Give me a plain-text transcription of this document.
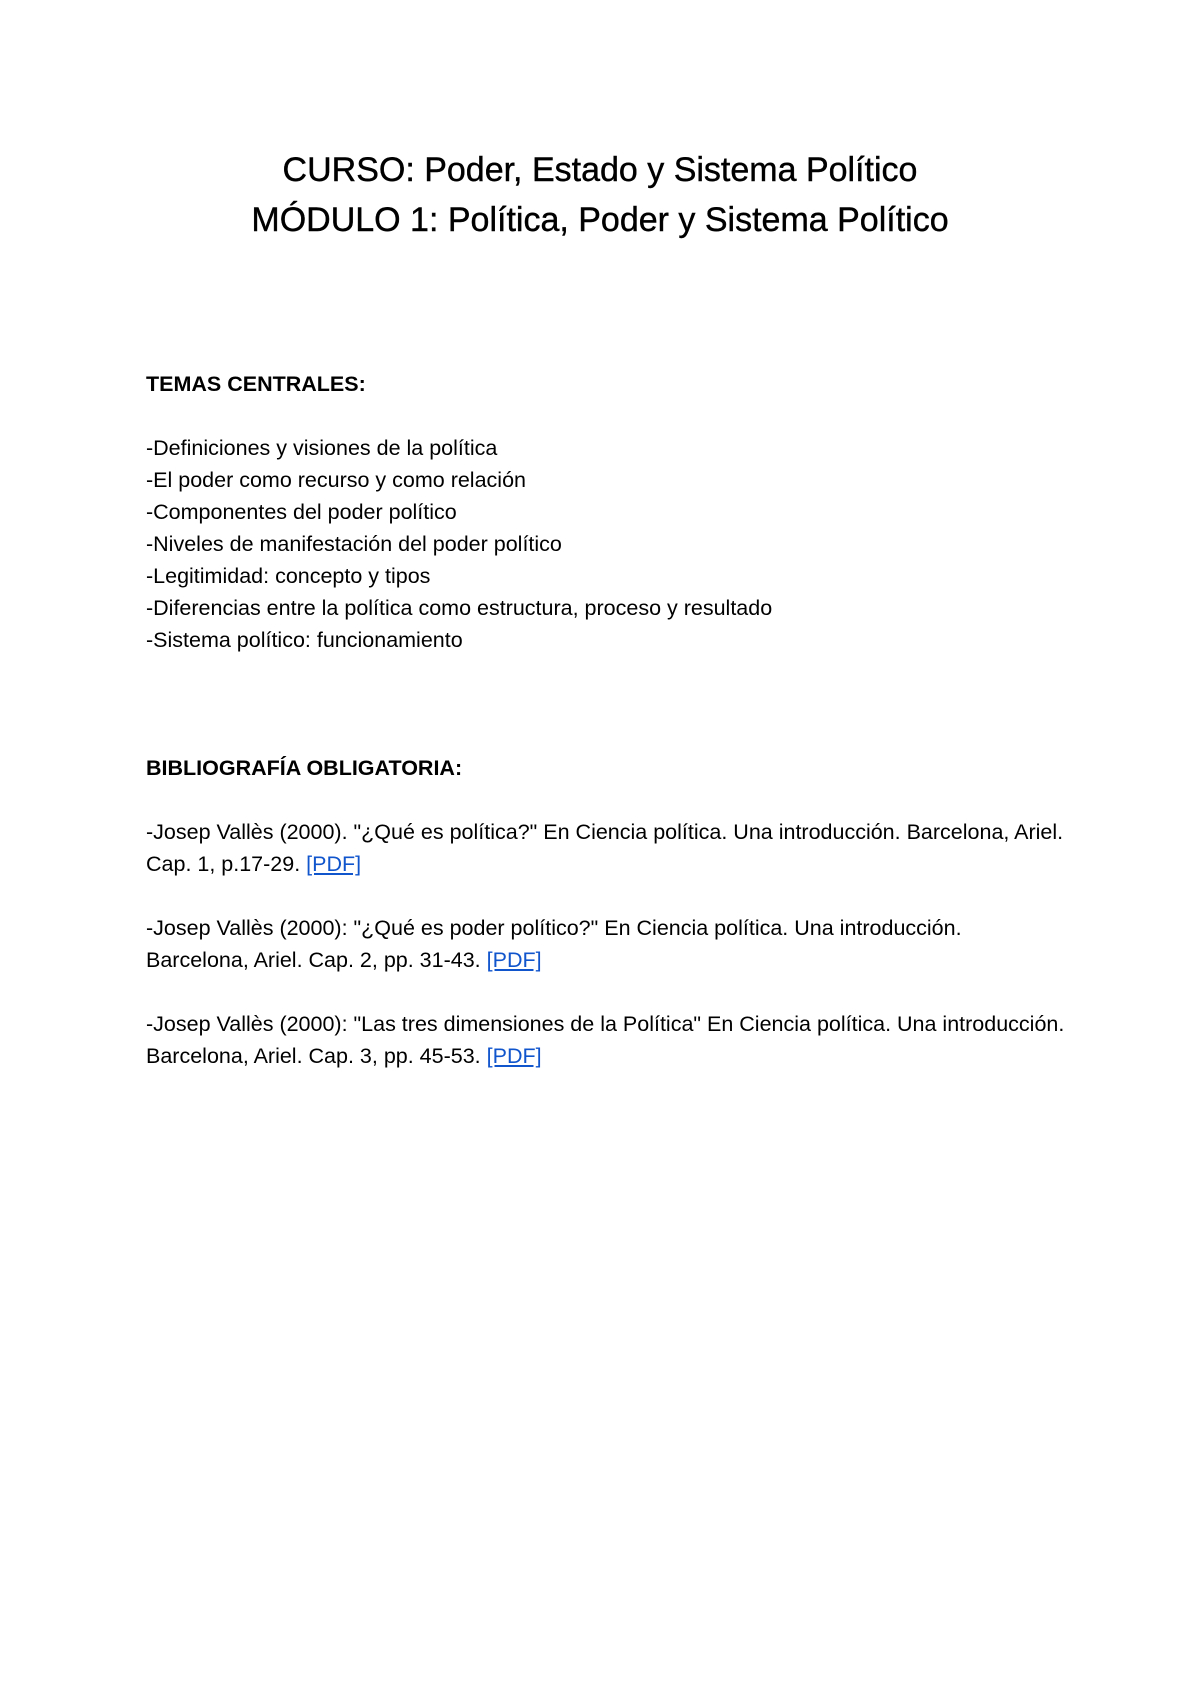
CURSO: Poder, Estado y Sistema Político

MÓDULO 1: Política, Poder y Sistema Político

TEMAS CENTRALES:

-Definiciones y visiones de la política
-El poder como recurso y como relación
-Componentes del poder político
-Niveles de manifestación del poder político
-Legitimidad: concepto y tipos
-Diferencias entre la política como estructura, proceso y resultado
-Sistema político: funcionamiento

BIBLIOGRAFÍA OBLIGATORIA:

-Josep Vallès (2000). "¿Qué es política?" En Ciencia política. Una introducción. Barcelona, Ariel. Cap. 1, p.17-29. [PDF]
-Josep Vallès (2000): "¿Qué es poder político?" En Ciencia política. Una introducción. Barcelona, Ariel. Cap. 2, pp. 31-43. [PDF]
-Josep Vallès (2000): "Las tres dimensiones de la Política" En Ciencia política. Una introducción. Barcelona, Ariel. Cap. 3, pp. 45-53. [PDF]
